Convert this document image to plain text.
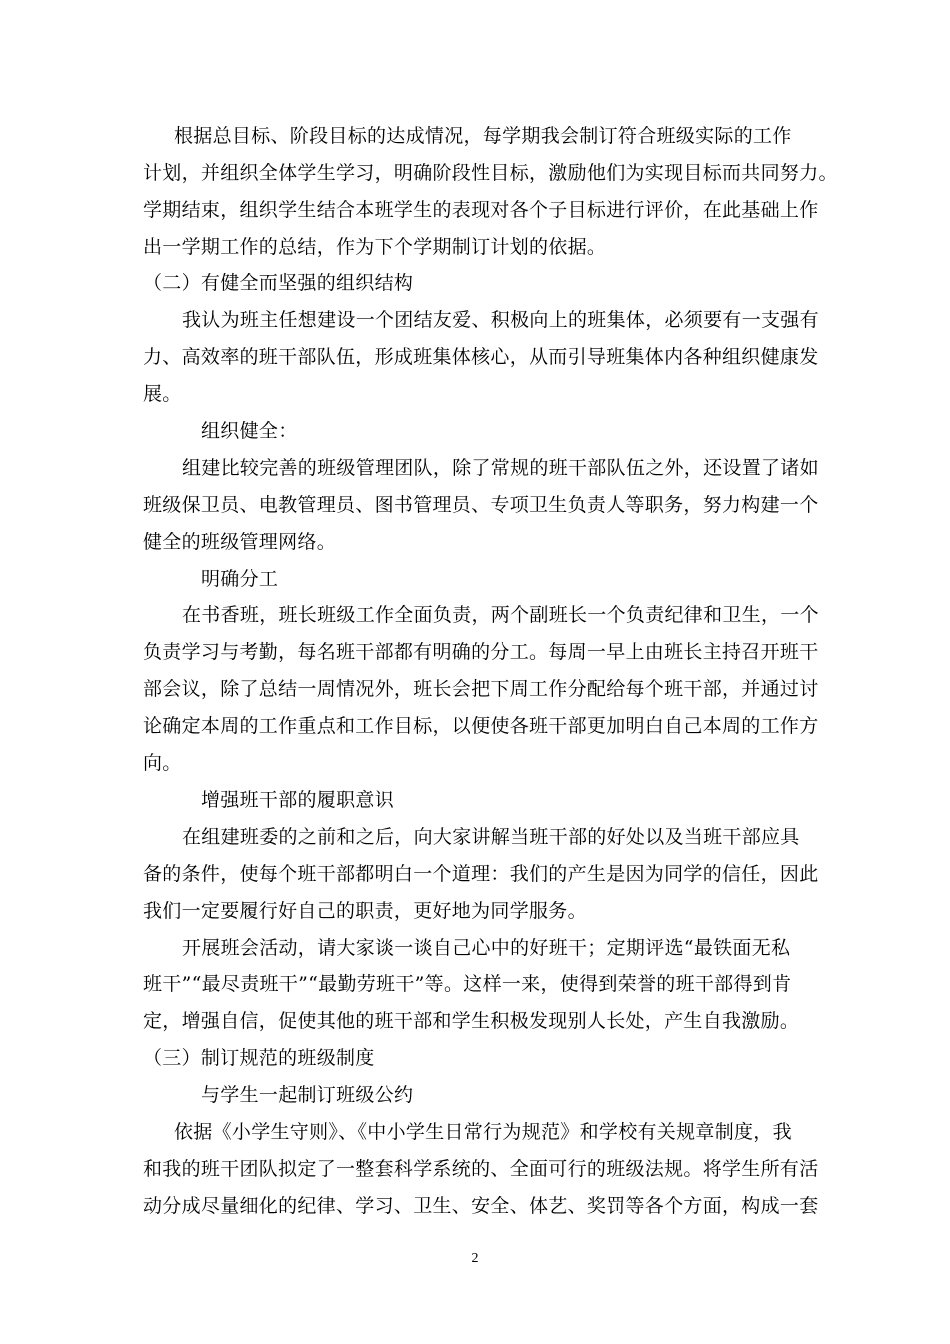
根据总目标、阶段目标的达成情况，每学期我会制订符合班级实际的工作
计划，并组织全体学生学习，明确阶段性目标，激励他们为实现目标而共同努力。
学期结束，组织学生结合本班学生的表现对各个子目标进行评价，在此基础上作
出一学期工作的总结，作为下个学期制订计划的依据。
（二）有健全而坚强的组织结构
我认为班主任想建设一个团结友爱、积极向上的班集体，必须要有一支强有
力、高效率的班干部队伍，形成班集体核心，从而引导班集体内各种组织健康发
展。
组织健全：
组建比较完善的班级管理团队，除了常规的班干部队伍之外，还设置了诸如
班级保卫员、电教管理员、图书管理员、专项卫生负责人等职务，努力构建一个
健全的班级管理网络。
明确分工
在书香班，班长班级工作全面负责，两个副班长一个负责纪律和卫生，一个
负责学习与考勤，每名班干部都有明确的分工。每周一早上由班长主持召开班干
部会议，除了总结一周情况外，班长会把下周工作分配给每个班干部，并通过讨
论确定本周的工作重点和工作目标，以便使各班干部更加明白自己本周的工作方
向。
增强班干部的履职意识
在组建班委的之前和之后，向大家讲解当班干部的好处以及当班干部应具
备的条件，使每个班干部都明白一个道理：我们的产生是因为同学的信任，因此
我们一定要履行好自己的职责，更好地为同学服务。
开展班会活动，请大家谈一谈自己心中的好班干；定期评选“最铁面无私
班干”“最尽责班干”“最勤劳班干”等。这样一来，使得到荣誉的班干部得到肯
定，增强自信，促使其他的班干部和学生积极发现别人长处，产生自我激励。
（三）制订规范的班级制度
与学生一起制订班级公约
依据《小学生守则》、《中小学生日常行为规范》和学校有关规章制度，我
和我的班干团队拟定了一整套科学系统的、全面可行的班级法规。将学生所有活
动分成尽量细化的纪律、学习、卫生、安全、体艺、奖罚等各个方面，构成一套
2
